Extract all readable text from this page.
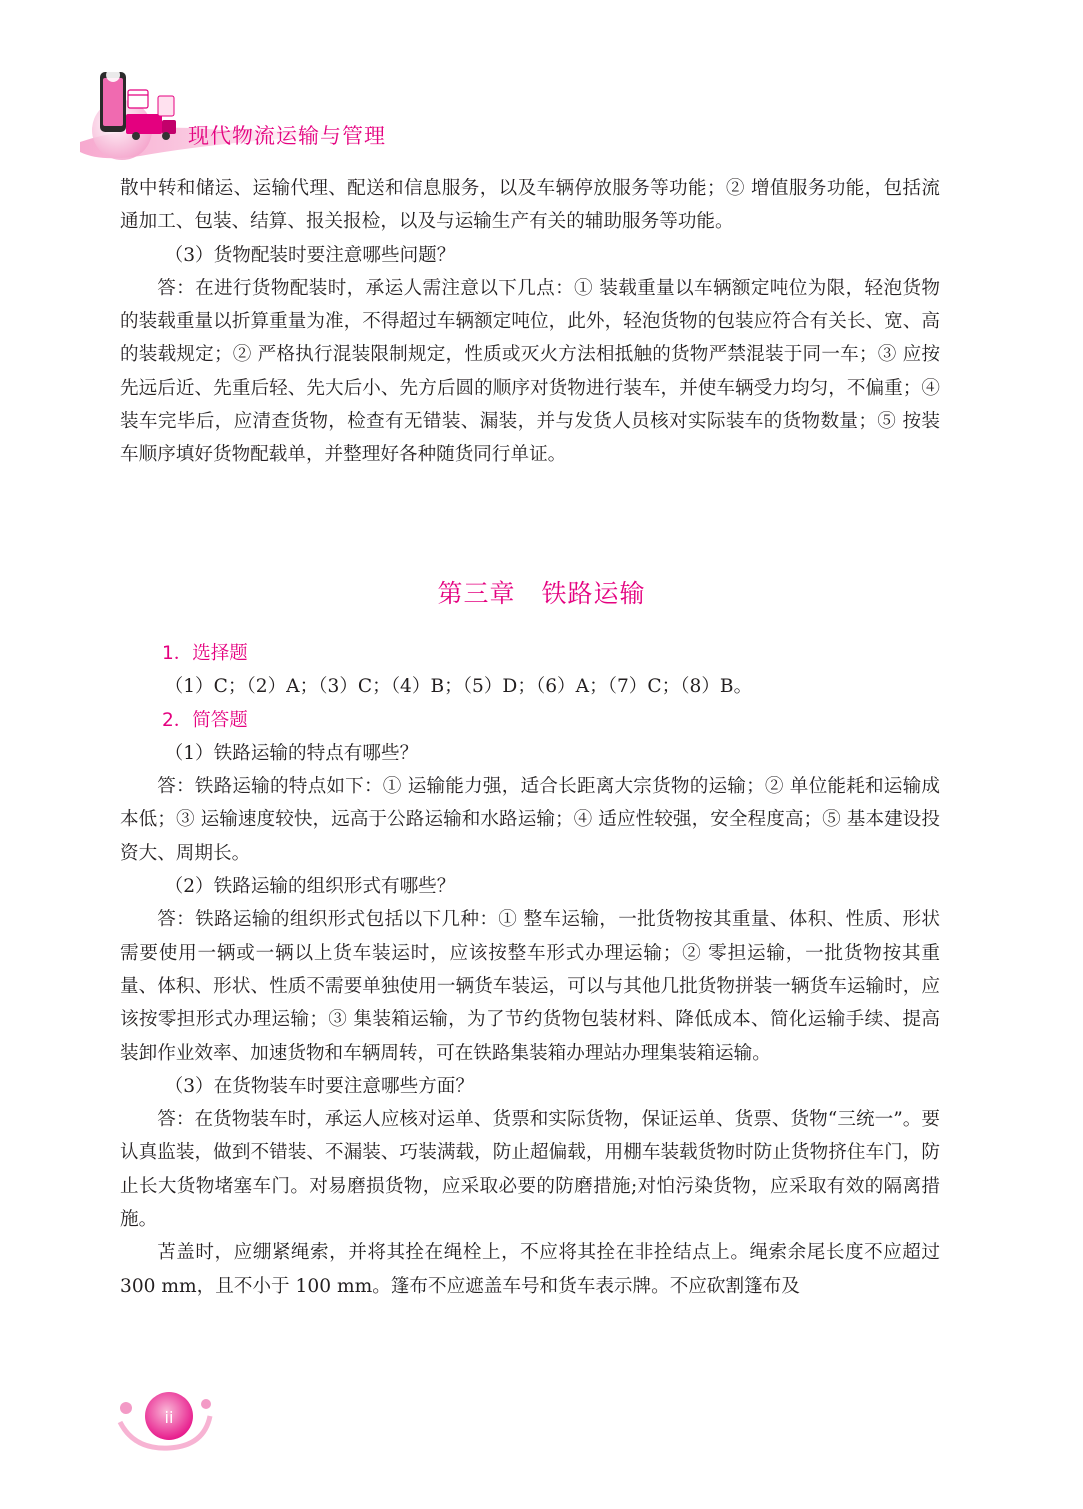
现代物流运输与管理

散中转和储运、运输代理、配送和信息服务，以及车辆停放服务等功能；② 增值服务功能，包括流通加工、包装、结算、报关报检，以及与运输生产有关的辅助服务等功能。

（3）货物配装时要注意哪些问题？

答：在进行货物配装时，承运人需注意以下几点：① 装载重量以车辆额定吨位为限，轻泡货物的装载重量以折算重量为准，不得超过车辆额定吨位，此外，轻泡货物的包装应符合有关长、宽、高的装载规定；② 严格执行混装限制规定，性质或灭火方法相抵触的货物严禁混装于同一车；③ 应按先远后近、先重后轻、先大后小、先方后圆的顺序对货物进行装车，并使车辆受力均匀，不偏重；④ 装车完毕后，应清查货物，检查有无错装、漏装，并与发货人员核对实际装车的货物数量；⑤ 按装车顺序填好货物配载单，并整理好各种随货同行单证。

第三章　铁路运输

1．选择题

（1）C；（2）A；（3）C；（4）B；（5）D；（6）A；（7）C；（8）B。

2．简答题

（1）铁路运输的特点有哪些？

答：铁路运输的特点如下：① 运输能力强，适合长距离大宗货物的运输；② 单位能耗和运输成本低；③ 运输速度较快，远高于公路运输和水路运输；④ 适应性较强，安全程度高；⑤ 基本建设投资大、周期长。

（2）铁路运输的组织形式有哪些？

答：铁路运输的组织形式包括以下几种：① 整车运输，一批货物按其重量、体积、性质、形状需要使用一辆或一辆以上货车装运时，应该按整车形式办理运输；② 零担运输，一批货物按其重量、体积、形状、性质不需要单独使用一辆货车装运，可以与其他几批货物拼装一辆货车运输时，应该按零担形式办理运输；③ 集装箱运输，为了节约货物包装材料、降低成本、简化运输手续、提高装卸作业效率、加速货物和车辆周转，可在铁路集装箱办理站办理集装箱运输。

（3）在货物装车时要注意哪些方面？

答：在货物装车时，承运人应核对运单、货票和实际货物，保证运单、货票、货物“三统一”。要认真监装，做到不错装、不漏装、巧装满载，防止超偏载，用棚车装载货物时防止货物挤住车门，防止长大货物堵塞车门。对易磨损货物，应采取必要的防磨措施;对怕污染货物，应采取有效的隔离措施。

苫盖时，应绷紧绳索，并将其拴在绳栓上，不应将其拴在非拴结点上。绳索余尾长度不应超过 300 mm，且不小于 100 mm。篷布不应遮盖车号和货车表示牌。不应砍割篷布及

ii
